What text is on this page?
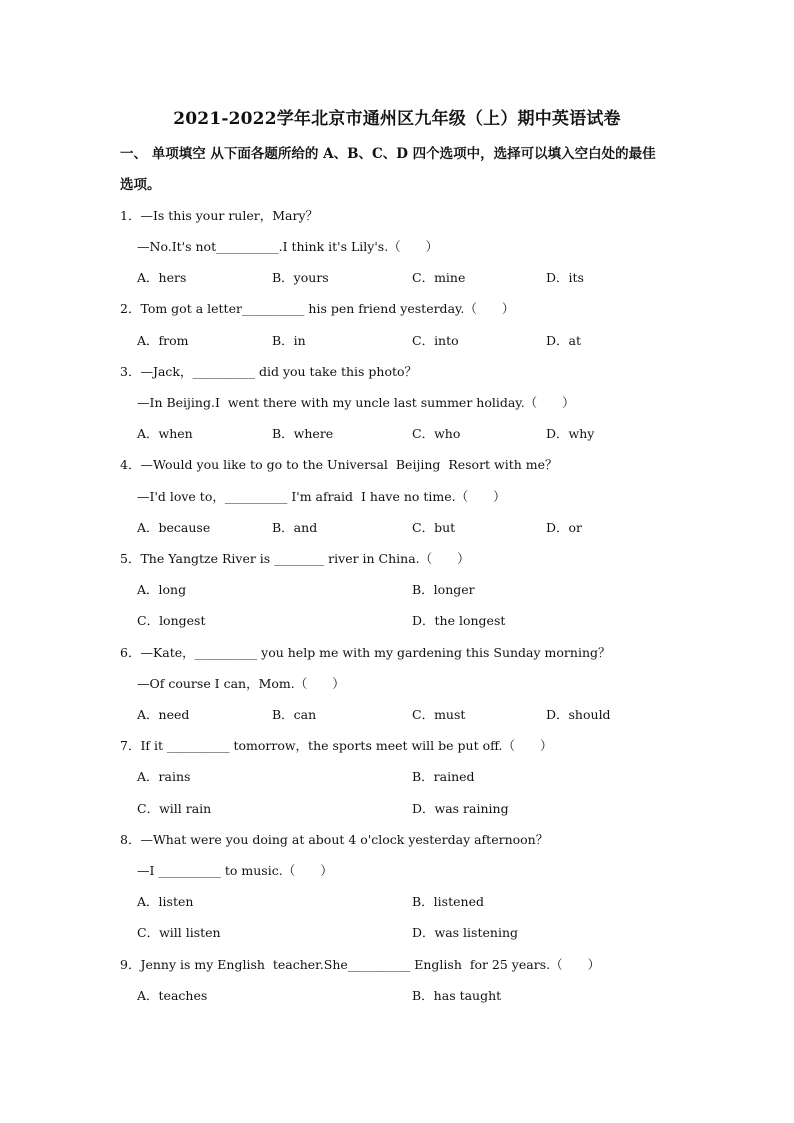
2021-2022学年北京市通州区九年级（上）期中英语试卷
一、 单项填空 从下面各题所给的 A、B、C、D 四个选项中，选择可以填入空白处的最佳
选项。
1．—Is this your ruler，Mary？
—No.It's not__________.I think it's Lily's.（　　）
A．hers	B．yours	C．mine	D．its
2．Tom got a letter__________ his pen friend yesterday.（　　）
A．from	B．in	C．into	D．at
3．—Jack，__________ did you take this photo？
—In Beijing.I  went there with my uncle last summer holiday.（　　）
A．when	B．where	C．who	D．why
4．—Would you like to go to the Universal  Beijing  Resort with me？
—I'd love to，__________ I'm afraid  I have no time.（　　）
A．because	B．and	C．but	D．or
5．The Yangtze River is ________ river in China.（　　）
A．long	B．longer
C．longest	D．the longest
6．—Kate，__________ you help me with my gardening this Sunday morning？
—Of course I can，Mom.（　　）
A．need	B．can	C．must	D．should
7．If it __________ tomorrow，the sports meet will be put off.（　　）
A．rains	B．rained
C．will rain	D．was raining
8．—What were you doing at about 4 o'clock yesterday afternoon？
—I __________ to music.（　　）
A．listen	B．listened
C．will listen	D．was listening
9．Jenny is my English  teacher.She__________ English  for 25 years.（　　）
A．teaches	B．has taught
